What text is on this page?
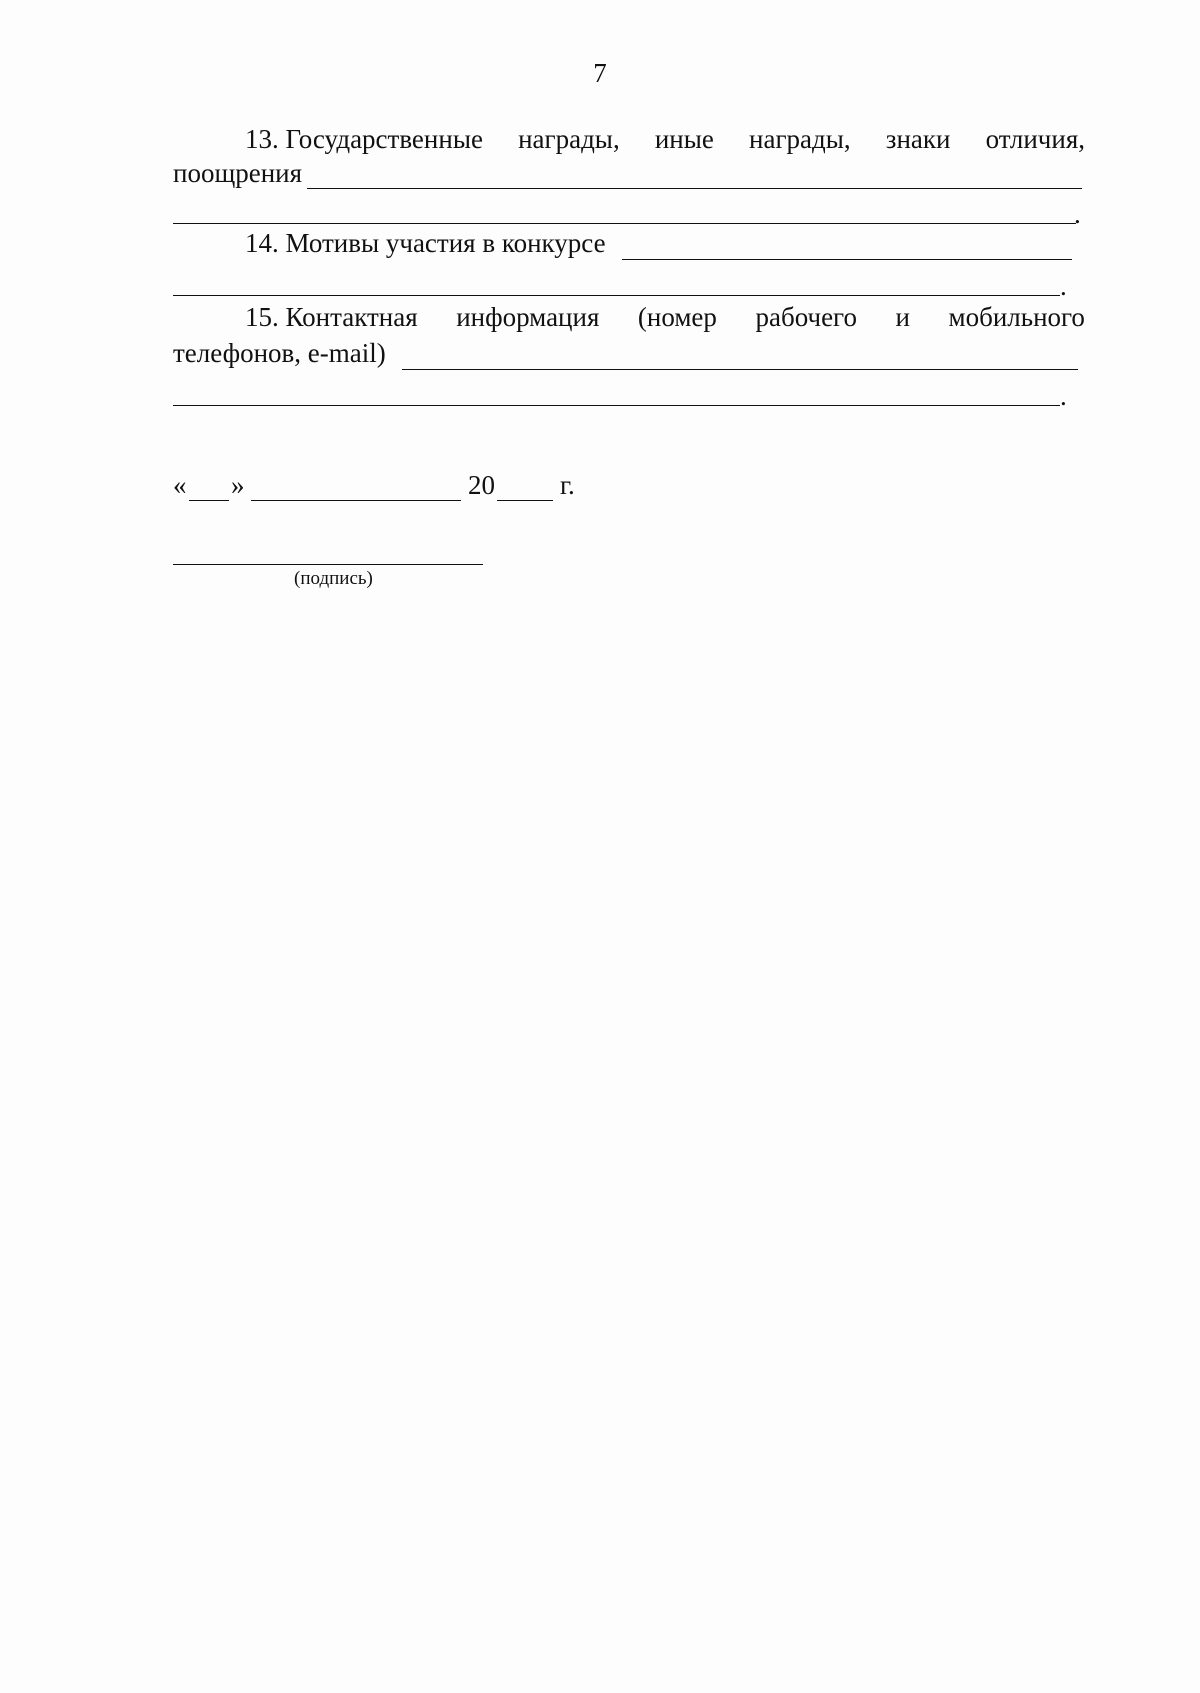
7
13. Государственные награды, иные награды, знаки отличия,
поощрения
.
14. Мотивы участия в конкурсе
.
15. Контактная информация (номер рабочего и мобильного
телефонов, e-mail)
.
« »	20 г.
(подпись)
